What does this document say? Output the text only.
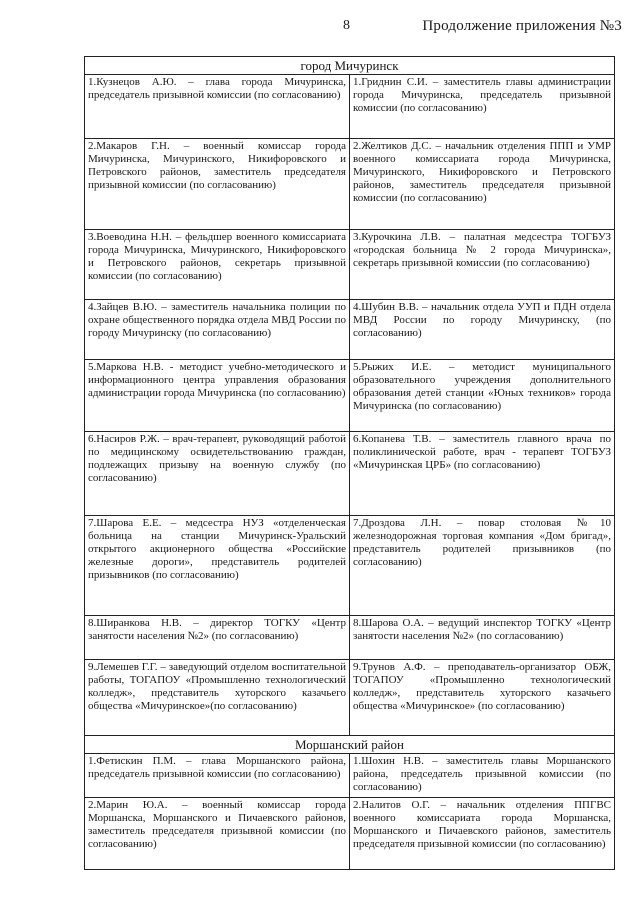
8	Продолжение приложения №3
город Мичуринск	
1.Кузнецов А.Ю. – глава города Мичуринска, председатель призывной комиссии (по согласованию)	1.Гриднин С.И. – заместитель главы администрации города Мичуринска, председатель призывной комиссии (по согласованию)
2.Макаров Г.Н. – военный комиссар города Мичуринска, Мичуринского, Никифоровского и Петровского районов, заместитель председателя призывной комиссии (по согласованию)	2.Желтиков Д.С. – начальник отделения ППП и УМР военного комиссариата города Мичуринска, Мичуринского, Никифоровского и Петровского районов, заместитель председателя призывной комиссии (по согласованию)
3.Воеводина Н.Н. – фельдшер военного комиссариата города Мичуринска, Мичуринского, Никифоровского и Петровского районов, секретарь призывной комиссии (по согласованию)	3.Курочкина Л.В. – палатная медсестра ТОГБУЗ «городская больница № 2 города Мичуринска», секретарь призывной комиссии (по согласованию)
4.Зайцев В.Ю. – заместитель начальника полиции по охране общественного порядка отдела МВД России по городу Мичуринску (по согласованию)	4.Шубин В.В. – начальник отдела УУП и ПДН отдела МВД России по городу Мичуринску, (по согласованию)
5.Маркова Н.В. - методист учебно-методического и информационного центра управления образования администрации города Мичуринска (по согласованию)	5.Рыжих И.Е. – методист муниципального образовательного учреждения дополнительного образования детей станции «Юных техников» города Мичуринска (по согласованию)
6.Насиров Р.Ж. – врач-терапевт, руководящий работой по медицинскому освидетельствованию граждан, подлежащих призыву на военную службу (по согласованию)	6.Копанева Т.В. – заместитель главного врача по поликлинической работе, врач - терапевт ТОГБУЗ «Мичуринская ЦРБ» (по согласованию)
7.Шарова Е.Е. – медсестра НУЗ «отделенческая больница на станции Мичуринск-Уральский открытого акционерного общества «Российские железные дороги», представитель родителей призывников (по согласованию)	7.Дроздова Л.Н. – повар столовая №10 железнодорожная торговая компания «Дом бригад», представитель родителей призывников (по согласованию)
8.Ширанкова Н.В. – директор ТОГКУ «Центр занятости населения №2» (по согласованию)	8.Шарова О.А. – ведущий инспектор ТОГКУ «Центр занятости населения №2» (по согласованию)
9.Лемешев Г.Г. – заведующий отделом воспитательной работы, ТОГАПОУ «Промышленно технологический колледж», представитель хуторского казачьего общества «Мичуринское»(по согласованию)	9.Трунов А.Ф. – преподаватель-организатор ОБЖ, ТОГАПОУ «Промышленно технологический колледж», представитель хуторского казачьего общества «Мичуринское» (по согласованию)
Моршанский район	
1.Фетискин П.М. – глава Моршанского района, председатель призывной комиссии (по согласованию)	1.Шохин Н.В. – заместитель главы Моршанского района, председатель призывной комиссии (по согласованию)
2.Марин Ю.А. – военный комиссар города Моршанска, Моршанского и Пичаевского районов, заместитель председателя призывной комиссии (по согласованию)	2.Налитов О.Г. – начальник отделения ППГВС военного комиссариата города Моршанска, Моршанского и Пичаевского районов, заместитель председателя призывной комиссии (по согласованию)
